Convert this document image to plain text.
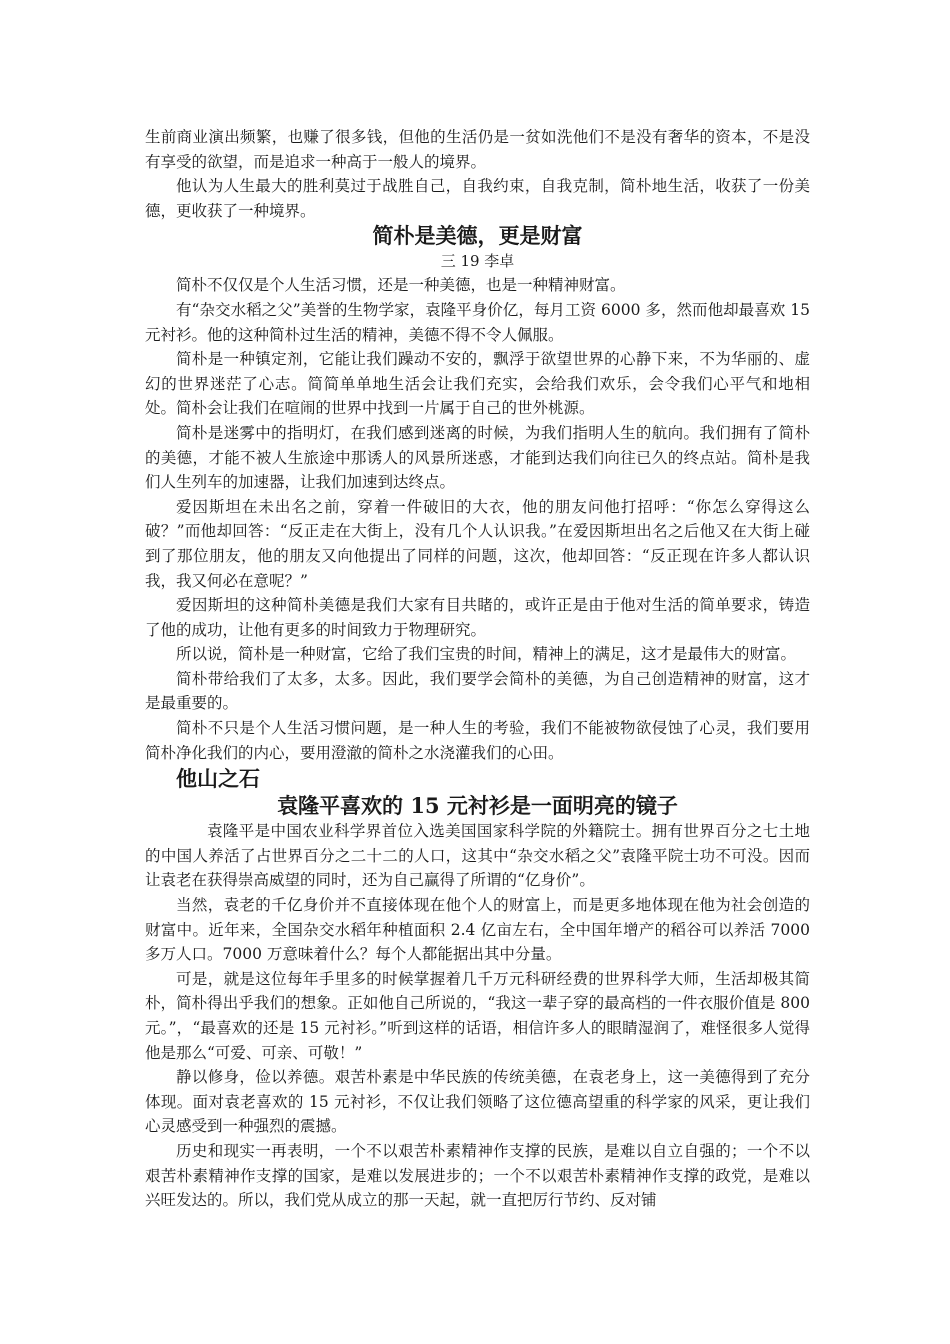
生前商业演出频繁，也赚了很多钱，但他的生活仍是一贫如洗他们不是没有奢华的资本，不是没有享受的欲望，而是追求一种高于一般人的境界。

他认为人生最大的胜利莫过于战胜自己，自我约束，自我克制，简朴地生活，收获了一份美德，更收获了一种境界。

简朴是美德，更是财富
三 19 李卓

简朴不仅仅是个人生活习惯，还是一种美德，也是一种精神财富。

有“杂交水稻之父”美誉的生物学家，袁隆平身价亿，每月工资 6000 多，然而他却最喜欢 15 元衬衫。他的这种简朴过生活的精神，美德不得不令人佩服。

简朴是一种镇定剂，它能让我们躁动不安的，飘浮于欲望世界的心静下来，不为华丽的、虚幻的世界迷茫了心志。简简单单地生活会让我们充实，会给我们欢乐，会令我们心平气和地相处。简朴会让我们在喧闹的世界中找到一片属于自己的世外桃源。

简朴是迷雾中的指明灯，在我们感到迷离的时候，为我们指明人生的航向。我们拥有了简朴的美德，才能不被人生旅途中那诱人的风景所迷惑，才能到达我们向往已久的终点站。简朴是我们人生列车的加速器，让我们加速到达终点。

爱因斯坦在未出名之前，穿着一件破旧的大衣，他的朋友问他打招呼：“你怎么穿得这么破？”而他却回答：“反正走在大街上，没有几个人认识我。”在爱因斯坦出名之后他又在大街上碰到了那位朋友，他的朋友又向他提出了同样的问题，这次，他却回答：“反正现在许多人都认识我，我又何必在意呢？”

爱因斯坦的这种简朴美德是我们大家有目共睹的，或许正是由于他对生活的简单要求，铸造了他的成功，让他有更多的时间致力于物理研究。

所以说，简朴是一种财富，它给了我们宝贵的时间，精神上的满足，这才是最伟大的财富。

简朴带给我们了太多，太多。因此，我们要学会简朴的美德，为自己创造精神的财富，这才是最重要的。

简朴不只是个人生活习惯问题，是一种人生的考验，我们不能被物欲侵蚀了心灵，我们要用简朴净化我们的内心，要用澄澈的简朴之水浇灌我们的心田。

他山之石
袁隆平喜欢的 15 元衬衫是一面明亮的镜子

袁隆平是中国农业科学界首位入选美国国家科学院的外籍院士。拥有世界百分之七土地的中国人养活了占世界百分之二十二的人口，这其中“杂交水稻之父”袁隆平院士功不可没。因而让袁老在获得崇高威望的同时，还为自己赢得了所谓的“亿身价”。

当然，袁老的千亿身价并不直接体现在他个人的财富上，而是更多地体现在他为社会创造的财富中。近年来，全国杂交水稻年种植面积 2.4 亿亩左右，全中国年增产的稻谷可以养活 7000 多万人口。7000 万意味着什么？每个人都能据出其中分量。

可是，就是这位每年手里多的时候掌握着几千万元科研经费的世界科学大师，生活却极其简朴，简朴得出乎我们的想象。正如他自己所说的，“我这一辈子穿的最高档的一件衣服价值是 800 元。”，“最喜欢的还是 15 元衬衫。”听到这样的话语，相信许多人的眼睛湿润了，难怪很多人觉得他是那么“可爱、可亲、可敬！”

静以修身，俭以养德。艰苦朴素是中华民族的传统美德，在袁老身上，这一美德得到了充分体现。面对袁老喜欢的 15 元衬衫，不仅让我们领略了这位德高望重的科学家的风采，更让我们心灵感受到一种强烈的震撼。

历史和现实一再表明，一个不以艰苦朴素精神作支撑的民族，是难以自立自强的；一个不以艰苦朴素精神作支撑的国家，是难以发展进步的；一个不以艰苦朴素精神作支撑的政党，是难以兴旺发达的。所以，我们党从成立的那一天起，就一直把厉行节约、反对铺
